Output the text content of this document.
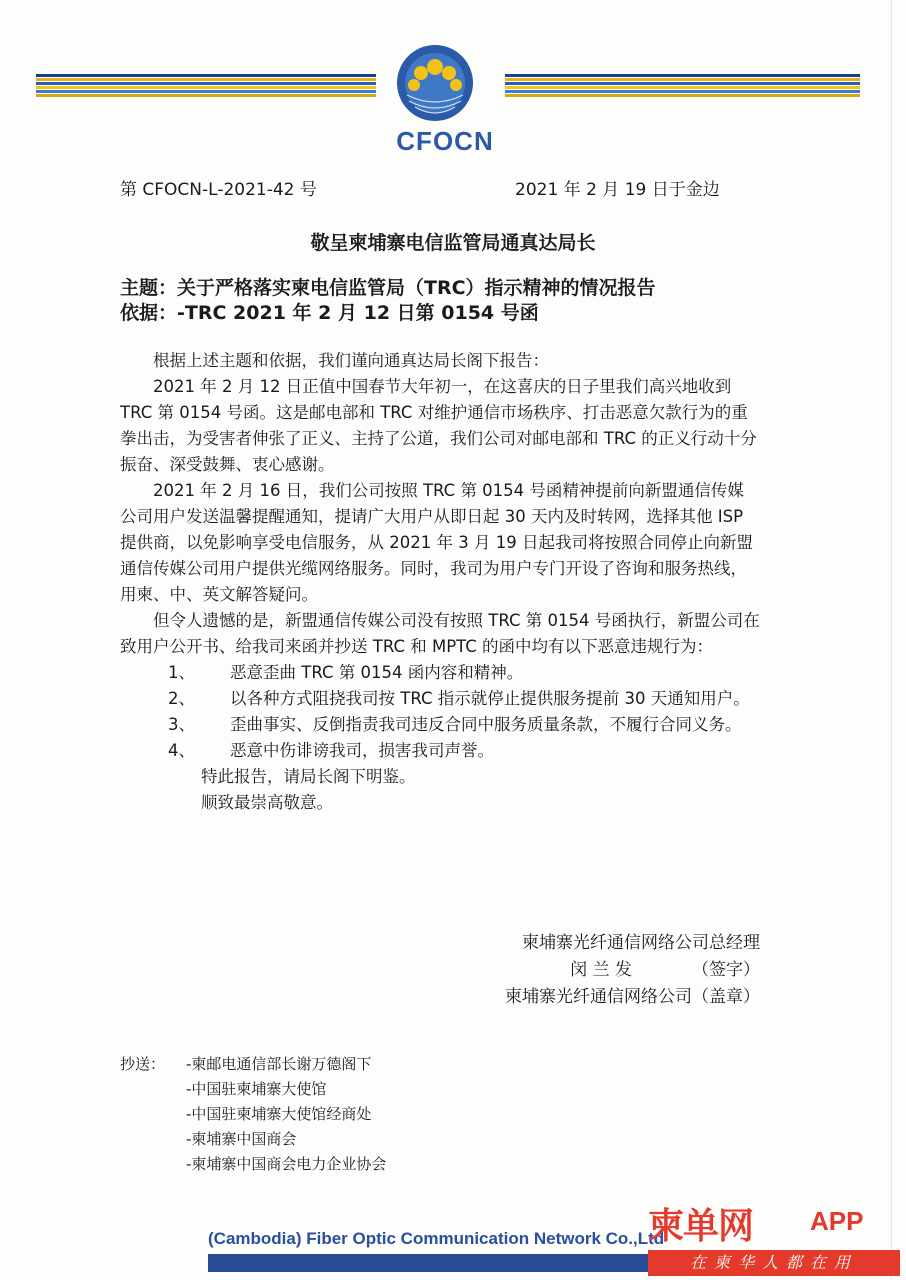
CFOCN
第 CFOCN-L-2021-42 号	2021 年 2 月 19 日于金边
敬呈柬埔寨电信监管局通真达局长
主题：关于严格落实柬电信监管局（TRC）指示精神的情况报告
依据：-TRC 2021 年 2 月 12 日第 0154 号函

根据上述主题和依据，我们谨向通真达局长阁下报告：

2021 年 2 月 12 日正值中国春节大年初一，在这喜庆的日子里我们高兴地收到 TRC 第 0154 号函。这是邮电部和 TRC 对维护通信市场秩序、打击恶意欠款行为的重拳出击，为受害者伸张了正义、主持了公道，我们公司对邮电部和 TRC 的正义行动十分振奋、深受鼓舞、衷心感谢。

2021 年 2 月 16 日，我们公司按照 TRC 第 0154 号函精神提前向新盟通信传媒公司用户发送温馨提醒通知，提请广大用户从即日起 30 天内及时转网，选择其他 ISP 提供商，以免影响享受电信服务，从 2021 年 3 月 19 日起我司将按照合同停止向新盟通信传媒公司用户提供光缆网络服务。同时，我司为用户专门开设了咨询和服务热线，用柬、中、英文解答疑问。

但令人遗憾的是，新盟通信传媒公司没有按照 TRC 第 0154 号函执行，新盟公司在致用户公开书、给我司来函并抄送 TRC 和 MPTC 的函中均有以下恶意违规行为：

1、	恶意歪曲 TRC 第 0154 函内容和精神。
2、	以各种方式阻挠我司按 TRC 指示就停止提供服务提前 30 天通知用户。
3、	歪曲事实、反倒指责我司违反合同中服务质量条款，不履行合同义务。
4、	恶意中伤诽谤我司，损害我司声誉。

特此报告，请局长阁下明鉴。

顺致最崇高敬意。

柬埔寨光纤通信网络公司总经理
闵 兰 发	（签字）
柬埔寨光纤通信网络公司（盖章）
抄送：	-柬邮电通信部长谢万德阁下
-中国驻柬埔寨大使馆
-中国驻柬埔寨大使馆经商处
-柬埔寨中国商会
-柬埔寨中国商会电力企业协会
(Cambodia) Fiber Optic Communication Network Co.,Ltd
柬单网 APP
在柬华人都在用
